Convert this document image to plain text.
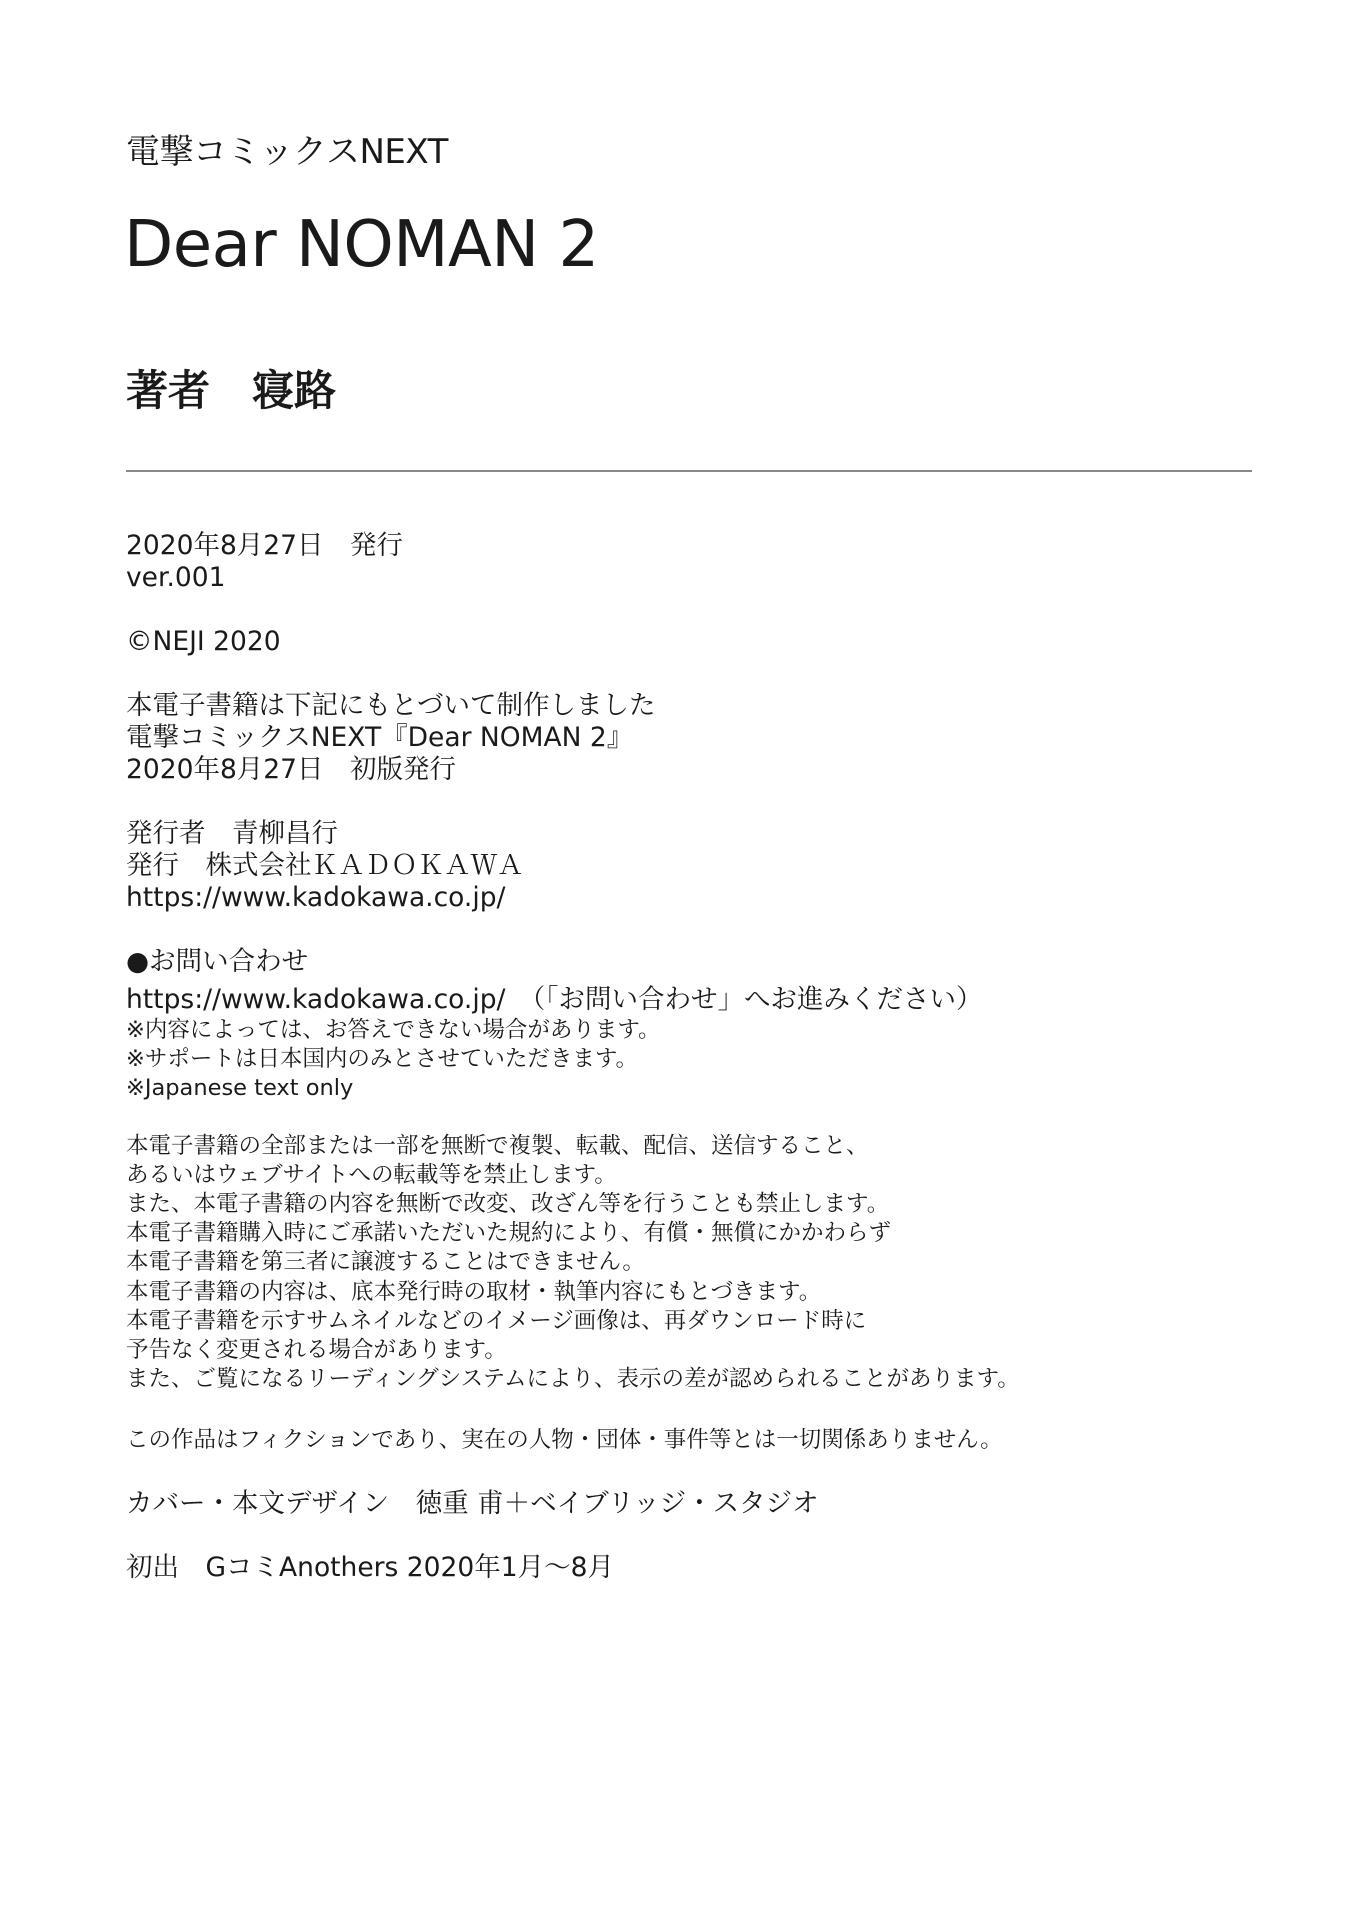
電撃コミックスNEXT
Dear NOMAN 2
著者　寝路
2020年8月27日　発行
ver.001
©NEJI 2020
本電子書籍は下記にもとづいて制作しました
電撃コミックスNEXT『Dear NOMAN 2』
2020年8月27日　初版発行
発行者　青柳昌行
発行　株式会社ＫＡＤＯＫＡＷＡ
https://www.kadokawa.co.jp/
●お問い合わせ
https://www.kadokawa.co.jp/　（「お問い合わせ」へお進みください）
※内容によっては、お答えできない場合があります。
※サポートは日本国内のみとさせていただきます。
※Japanese text only
本電子書籍の全部または一部を無断で複製、転載、配信、送信すること、
あるいはウェブサイトへの転載等を禁止します。
また、本電子書籍の内容を無断で改変、改ざん等を行うことも禁止します。
本電子書籍購入時にご承諾いただいた規約により、有償・無償にかかわらず
本電子書籍を第三者に譲渡することはできません。
本電子書籍の内容は、底本発行時の取材・執筆内容にもとづきます。
本電子書籍を示すサムネイルなどのイメージ画像は、再ダウンロード時に
予告なく変更される場合があります。
また、ご覧になるリーディングシステムにより、表示の差が認められることがあります。
この作品はフィクションであり、実在の人物・団体・事件等とは一切関係ありません。
カバー・本文デザイン　徳重 甫＋ベイブリッジ・スタジオ
初出　GコミAnothers 2020年1月～8月
